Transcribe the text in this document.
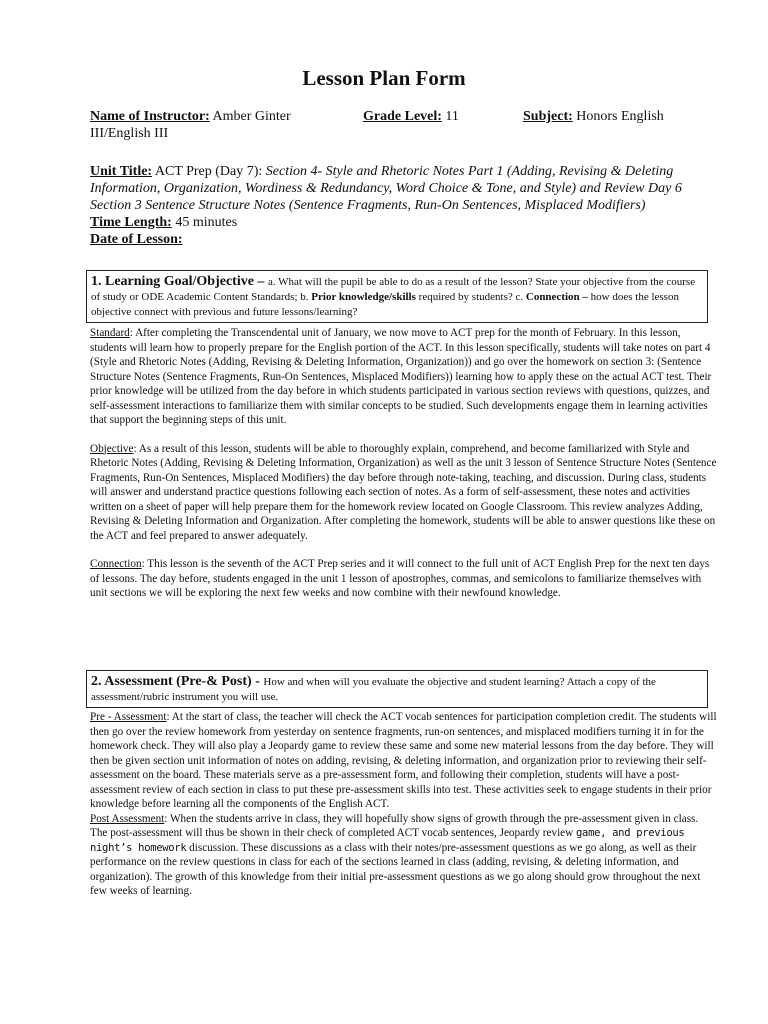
Lesson Plan Form
Name of Instructor: Amber Ginter	Grade Level: 11	Subject: Honors English
III/English III
Unit Title: ACT Prep (Day 7): Section 4- Style and Rhetoric Notes Part 1 (Adding, Revising & Deleting Information, Organization, Wordiness & Redundancy, Word Choice & Tone, and Style) and Review Day 6 Section 3 Sentence Structure Notes (Sentence Fragments, Run-On Sentences, Misplaced Modifiers)
Time Length: 45 minutes
Date of Lesson:
1. Learning Goal/Objective – a. What will the pupil be able to do as a result of the lesson? State your objective from the course of study or ODE Academic Content Standards; b. Prior knowledge/skills required by students? c. Connection – how does the lesson objective connect with previous and future lessons/learning?

Standard: After completing the Transcendental unit of January, we now move to ACT prep for the month of February. In this lesson, students will learn how to properly prepare for the English portion of the ACT. In this lesson specifically, students will take notes on part 4 (Style and Rhetoric Notes (Adding, Revising & Deleting Information, Organization)) and go over the homework on section 3: (Sentence Structure Notes (Sentence Fragments, Run-On Sentences, Misplaced Modifiers)) learning how to apply these on the actual ACT test. Their prior knowledge will be utilized from the day before in which students participated in various section reviews with questions, quizzes, and self-assessment interactions to familiarize them with similar concepts to be studied. Such developments engage them in learning activities that support the beginning steps of this unit.

Objective: As a result of this lesson, students will be able to thoroughly explain, comprehend, and become familiarized with Style and Rhetoric Notes (Adding, Revising & Deleting Information, Organization) as well as the unit 3 lesson of Sentence Structure Notes (Sentence Fragments, Run-On Sentences, Misplaced Modifiers) the day before through note-taking, teaching, and discussion. During class, students will answer and understand practice questions following each section of notes. As a form of self-assessment, these notes and activities written on a sheet of paper will help prepare them for the homework review located on Google Classroom. This review analyzes Adding, Revising & Deleting Information and Organization. After completing the homework, students will be able to answer questions like these on the ACT and feel prepared to answer adequately.

Connection: This lesson is the seventh of the ACT Prep series and it will connect to the full unit of ACT English Prep for the next ten days of lessons. The day before, students engaged in the unit 1 lesson of apostrophes, commas, and semicolons to familiarize themselves with unit sections we will be exploring the next few weeks and now combine with their newfound knowledge.

2. Assessment (Pre-& Post) - How and when will you evaluate the objective and student learning? Attach a copy of the assessment/rubric instrument you will use.

Pre - Assessment: At the start of class, the teacher will check the ACT vocab sentences for participation completion credit. The students will then go over the review homework from yesterday on sentence fragments, run-on sentences, and misplaced modifiers turning it in for the homework check. They will also play a Jeopardy game to review these same and some new material lessons from the day before. They will then be given section unit information of notes on adding, revising, & deleting information, and organization prior to reviewing their self-assessment on the board. These materials serve as a pre-assessment form, and following their completion, students will have a post-assessment review of each section in class to put these pre-assessment skills into test. These activities seek to engage students in their prior knowledge before learning all the components of the English ACT.

Post Assessment: When the students arrive in class, they will hopefully show signs of growth through the pre-assessment given in class. The post-assessment will thus be shown in their check of completed ACT vocab sentences, Jeopardy review game, and previous night’s homework discussion. These discussions as a class with their notes/pre-assessment questions as we go along, as well as their performance on the review questions in class for each of the sections learned in class (adding, revising, & deleting information, and organization). The growth of this knowledge from their initial pre-assessment questions as we go along should grow throughout the next few weeks of learning.
